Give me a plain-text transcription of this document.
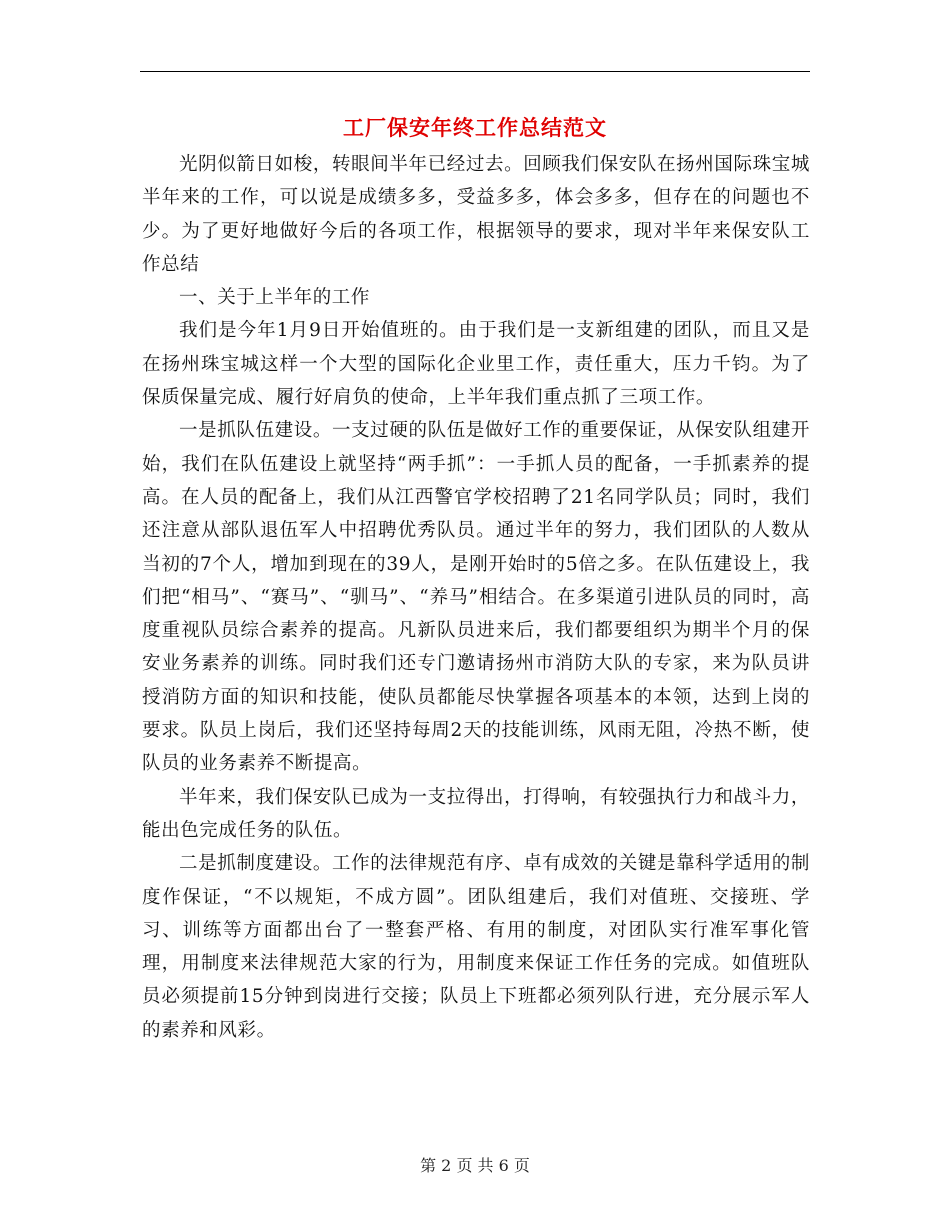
工厂保安年终工作总结范文

光阴似箭日如梭，转眼间半年已经过去。回顾我们保安队在扬州国际珠宝城半年来的工作，可以说是成绩多多，受益多多，体会多多，但存在的问题也不少。为了更好地做好今后的各项工作，根据领导的要求，现对半年来保安队工作总结

一、关于上半年的工作

我们是今年1月9日开始值班的。由于我们是一支新组建的团队，而且又是在扬州珠宝城这样一个大型的国际化企业里工作，责任重大，压力千钧。为了保质保量完成、履行好肩负的使命，上半年我们重点抓了三项工作。

一是抓队伍建设。一支过硬的队伍是做好工作的重要保证，从保安队组建开始，我们在队伍建设上就坚持“两手抓”：一手抓人员的配备，一手抓素养的提高。在人员的配备上，我们从江西警官学校招聘了21名同学队员；同时，我们还注意从部队退伍军人中招聘优秀队员。通过半年的努力，我们团队的人数从当初的7个人，增加到现在的39人，是刚开始时的5倍之多。在队伍建设上，我们把“相马”、“赛马”、“驯马”、“养马”相结合。在多渠道引进队员的同时，高度重视队员综合素养的提高。凡新队员进来后，我们都要组织为期半个月的保安业务素养的训练。同时我们还专门邀请扬州市消防大队的专家，来为队员讲授消防方面的知识和技能，使队员都能尽快掌握各项基本的本领，达到上岗的要求。队员上岗后，我们还坚持每周2天的技能训练，风雨无阻，冷热不断，使队员的业务素养不断提高。

半年来，我们保安队已成为一支拉得出，打得响，有较强执行力和战斗力，能出色完成任务的队伍。

二是抓制度建设。工作的法律规范有序、卓有成效的关键是靠科学适用的制度作保证，“不以规矩，不成方圆”。团队组建后，我们对值班、交接班、学习、训练等方面都出台了一整套严格、有用的制度，对团队实行准军事化管理，用制度来法律规范大家的行为，用制度来保证工作任务的完成。如值班队员必须提前15分钟到岗进行交接；队员上下班都必须列队行进，充分展示军人的素养和风彩。

第 2 页 共 6 页
